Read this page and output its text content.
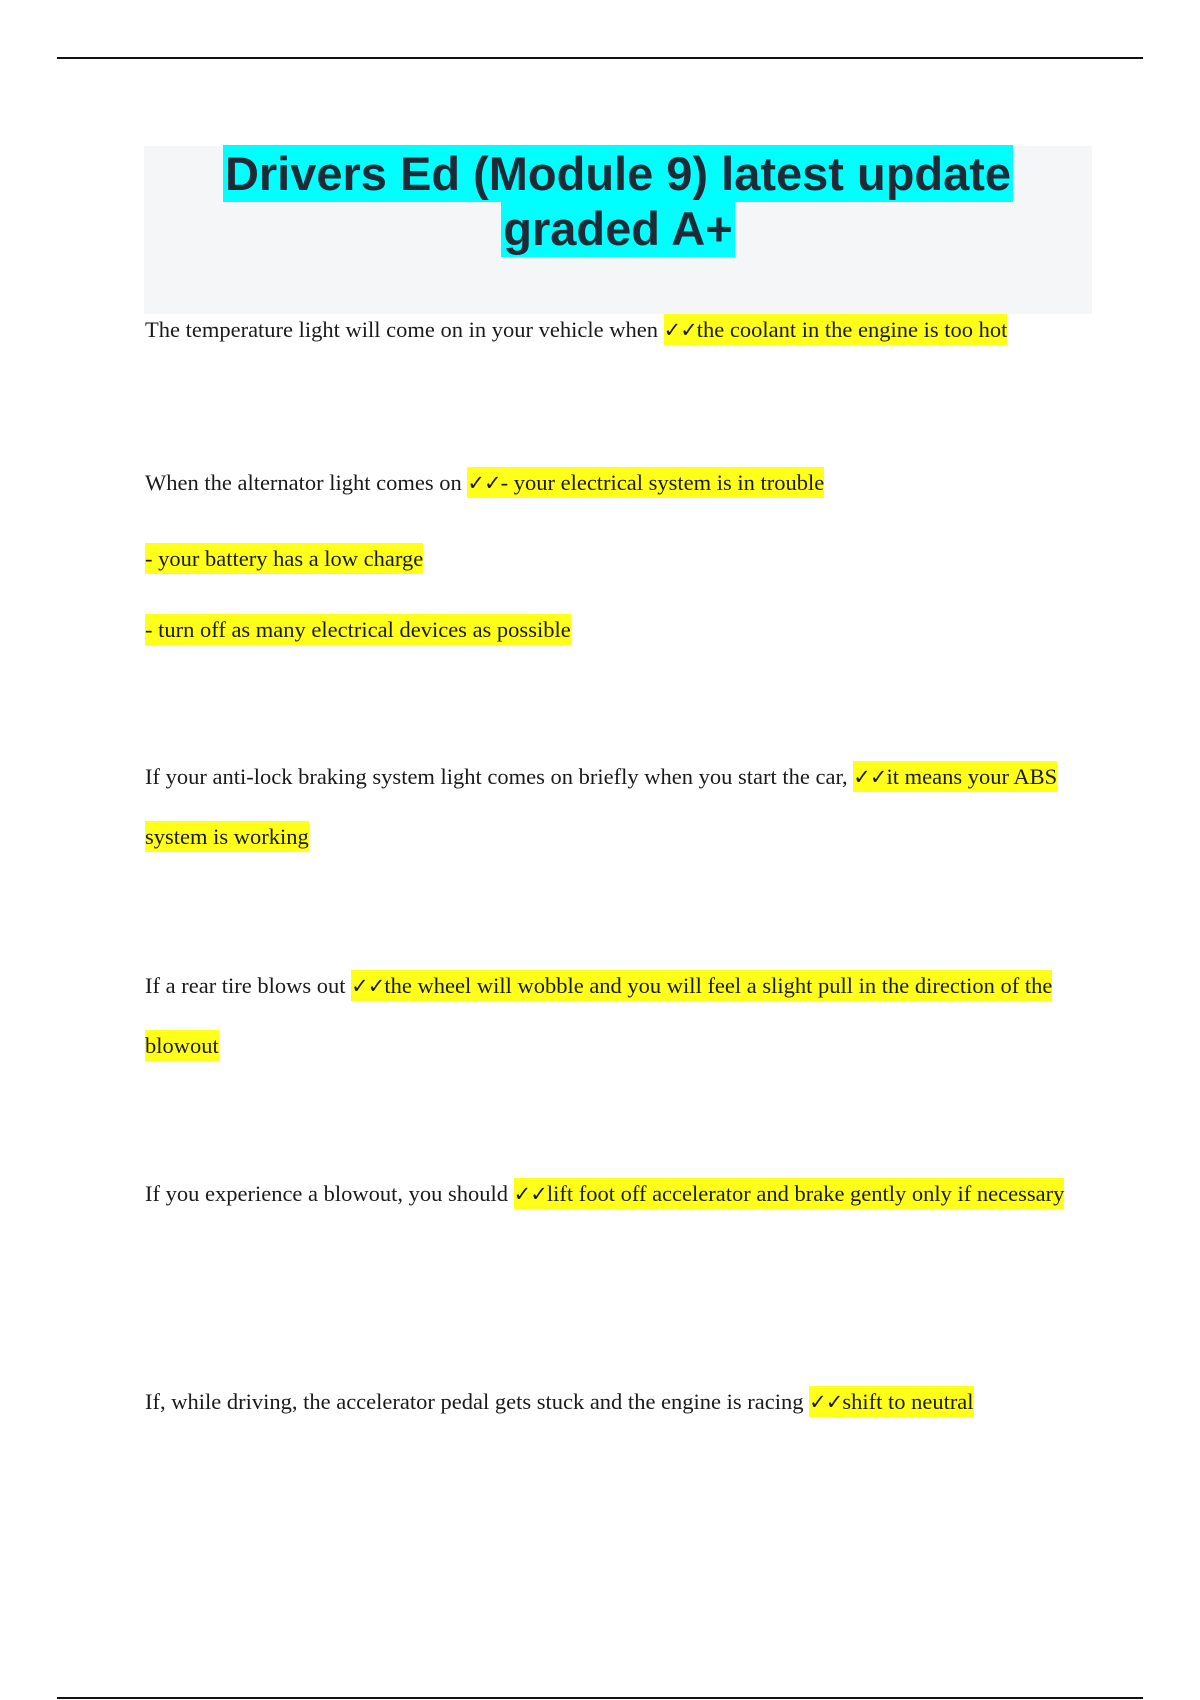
Drivers Ed (Module 9) latest update
graded A+

The temperature light will come on in your vehicle when ✓✓the coolant in the engine is too hot

When the alternator light comes on ✓✓- your electrical system is in trouble

- your battery has a low charge

- turn off as many electrical devices as possible

If your anti-lock braking system light comes on briefly when you start the car, ✓✓it means your ABS system is working

If a rear tire blows out ✓✓the wheel will wobble and you will feel a slight pull in the direction of the blowout

If you experience a blowout, you should ✓✓lift foot off accelerator and brake gently only if necessary

If, while driving, the accelerator pedal gets stuck and the engine is racing ✓✓shift to neutral
